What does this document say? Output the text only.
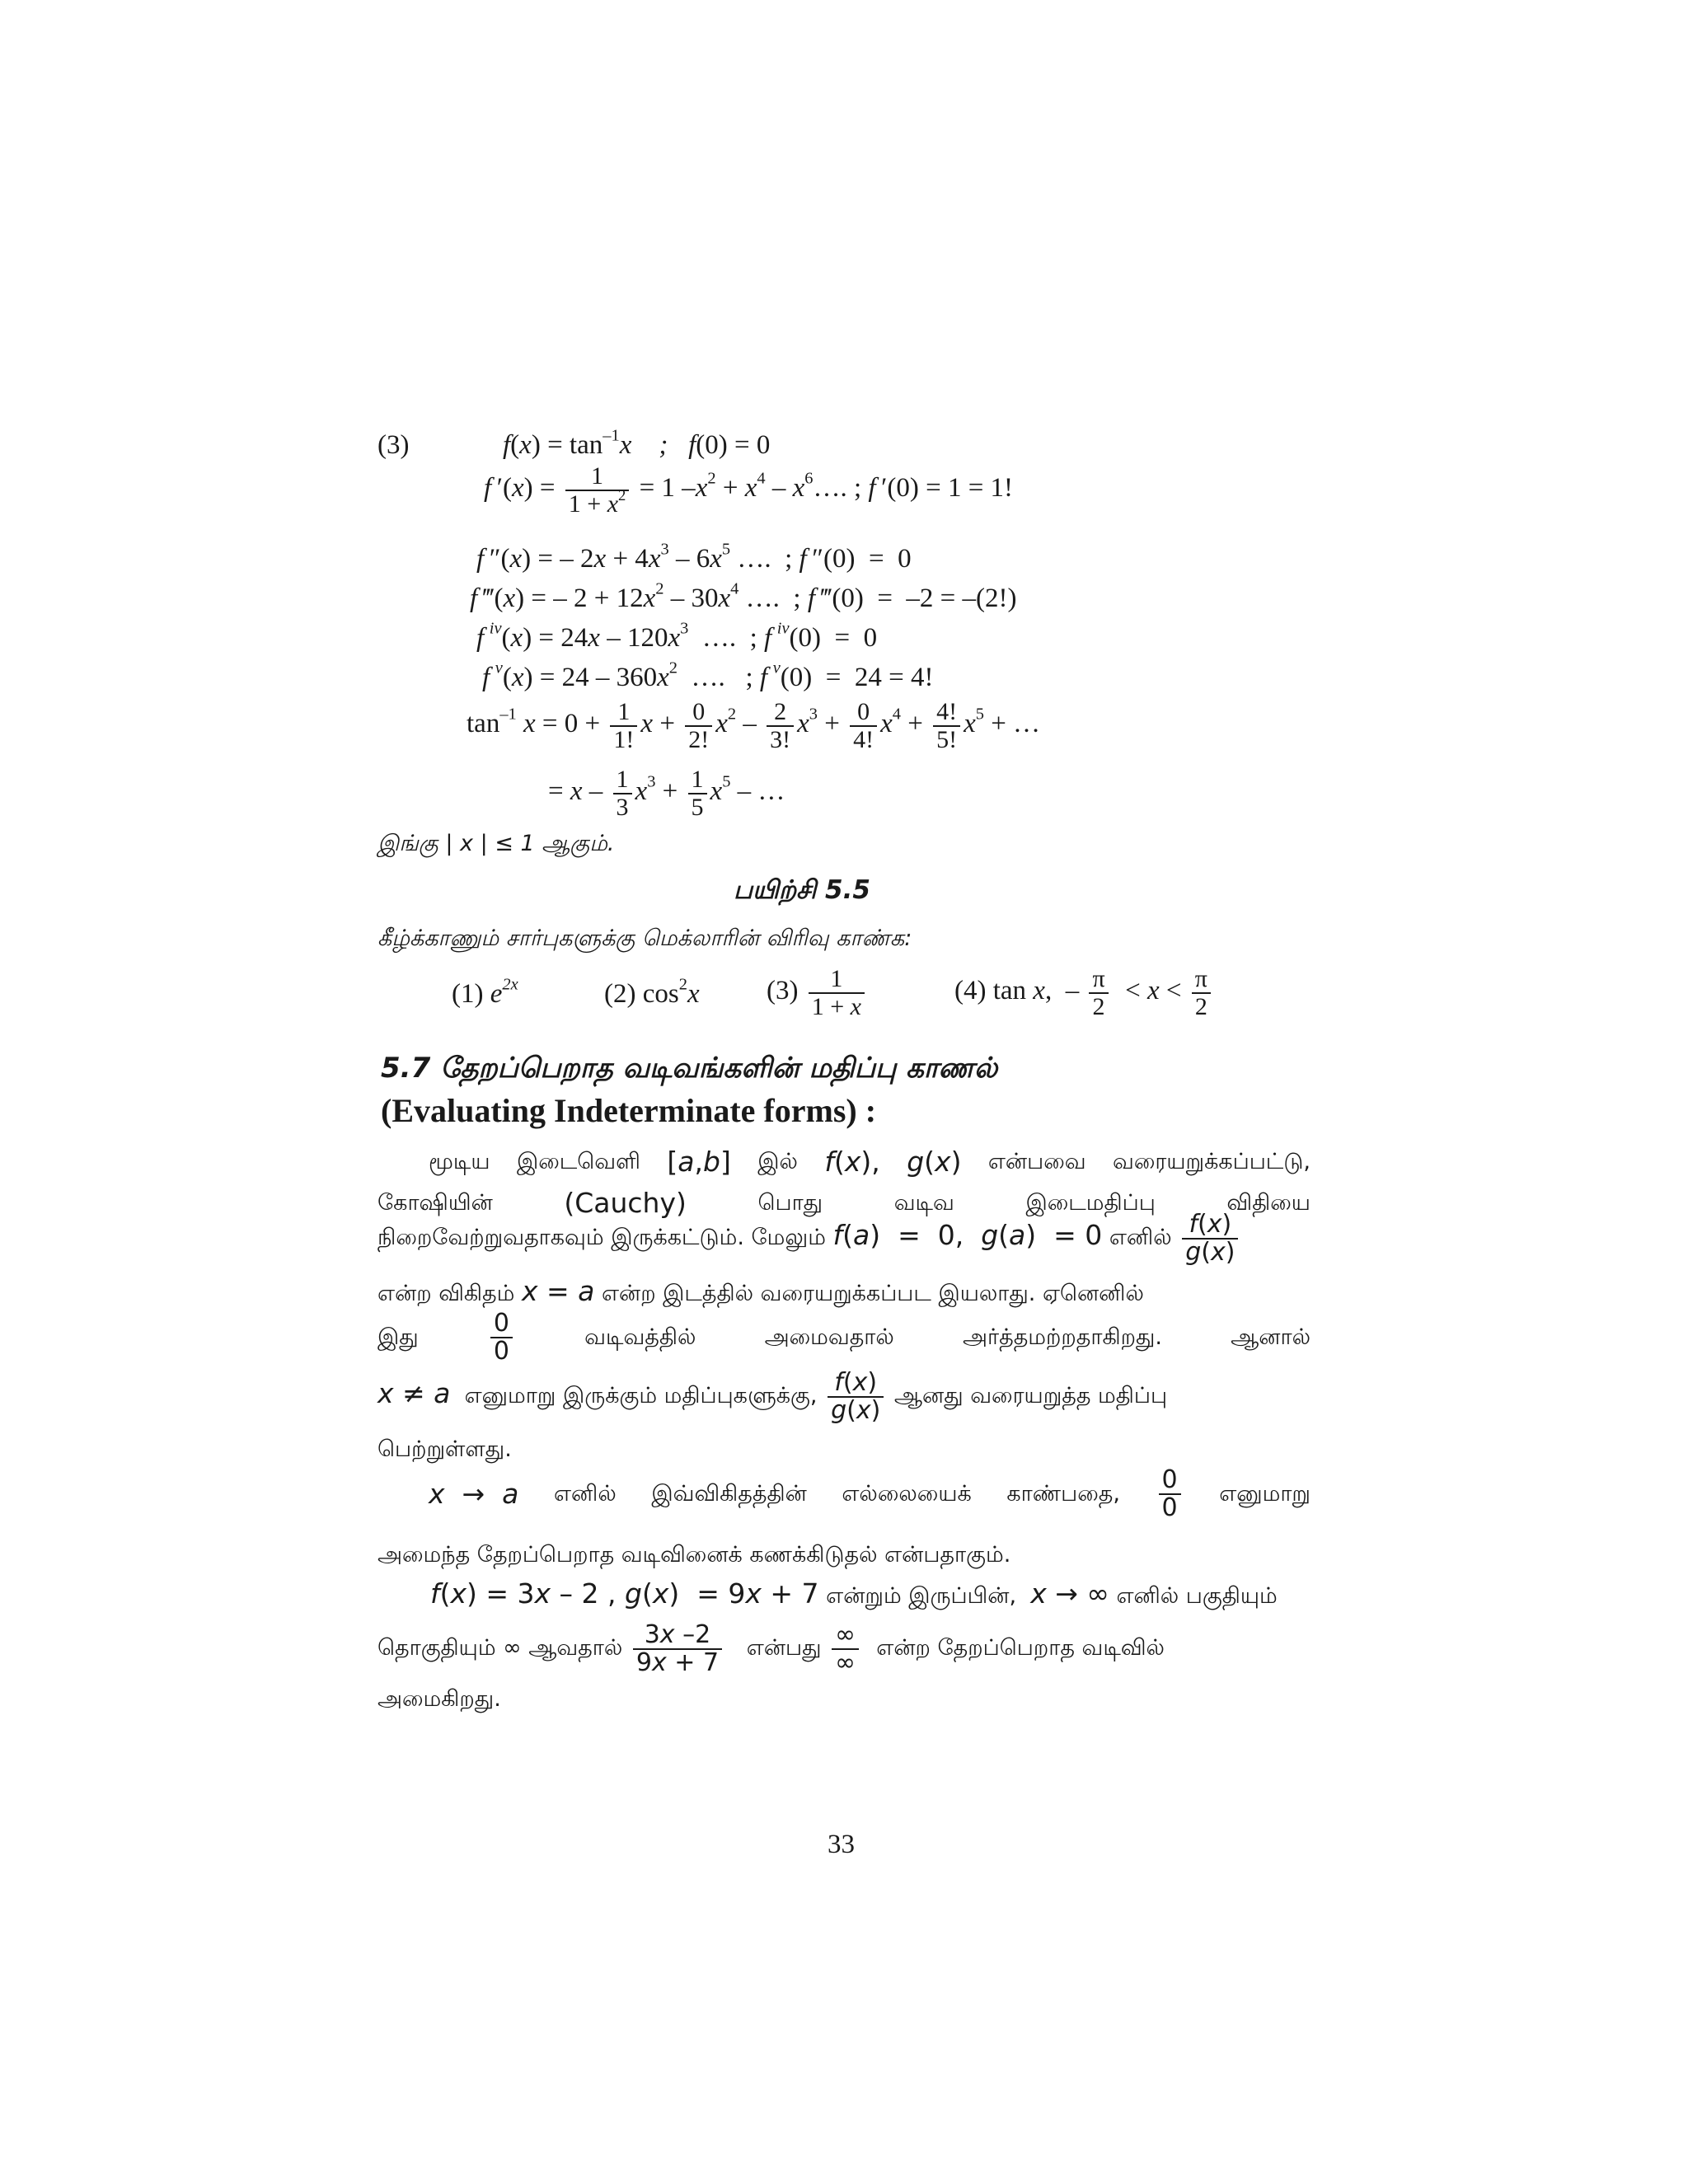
(3)	$f(x) = \tan^{-1}x$ ; f(0) = 0
f $'(x) = \frac{1}{1 + x^2} = 1$ $-x^2 + x^4$ – $x^6\dots$. ; f ′(0) = 1 = 1!
f ″(x) = – $2x + 4x^3 - 6x^5$ ….  ; f ″(0)  =  0
f ‴(x) = – $2 + 12x^2 - 30x^4$ ….  ; f ‴(0)  =  –2 = –(2!)
f  $^{iv}(x) = 24x - 120x^3$  ….  ; f  $^{iv}$(0)  =  0
f  $^v(x) = 24 - 360x^2$  ….   ; f  $^v$(0)  =  24 = 4!
$\tan^{-1} x = 0 + \frac{1}{1!}$ $x + \frac{0}{2!} x^2 - \frac{2}{3!} x^3 + \frac{0}{4!} x^4 + \frac{4!}{5!} x^5$ + …
= $x - \frac{1}{3} x^3 + \frac{1}{5} x^5$ – …
இங்கு | x | ≤ 1 ஆகும்.
பயிற்சி 5.5
கீழ்க்காணும் சார்புகளுக்கு மெக்லாரின் விரிவு காண்க:
(1) $e^{2x}$	(2) $\cos^2x$ $(3) \frac{1}{1 + x}$	(4) tan x,  – $\frac{\pi}{2} < x < \frac{\pi}{2}$
5.7 தேறப்பெறாத வடிவங்களின் மதிப்பு காணல்
(Evaluating Indeterminate forms) :
மூடிய இடைவெளி [a,b] இல் f(x), g(x) என்பவை வரையறுக்கப்பட்டு,
கோஷியின்	(Cauchy)	பொது	வடிவ	இடைமதிப்பு	விதியை
நிறைவேற்றுவதாகவும் இருக்கட்டும். மேலும் f(a)  =  0,  g(a)  = 0 எனில் $\frac{f(x)}{g(x)}$
என்ற விகிதம் x = a என்ற இடத்தில் வரையறுக்கப்பட இயலாது. ஏனெனில்
இது	$\frac{0}{0}$	வடிவத்தில்	அமைவதால்	அர்த்தமற்றதாகிறது.	ஆனால்
x ≠ a  எனுமாறு இருக்கும் மதிப்புகளுக்கு, $\frac{f(x)}{g(x)}$ ஆனது வரையறுத்த மதிப்பு
பெற்றுள்ளது.
x  →  a எனில் இவ்விகிதத்தின் எல்லையைக் காண்பதை, $\frac{0}{0}$ எனுமாறு
அமைந்த தேறப்பெறாத வடிவினைக் கணக்கிடுதல் என்பதாகும்.
f(x) = 3x – 2 , g(x)  = 9x + 7 என்றும் இருப்பின்,  x → ∞ எனில் பகுதியும்
தொகுதியும் ∞ ஆவதால் $\frac{3x -2}{9x + 7}$ என்பது $\frac{\infty}{\infty}$ என்ற தேறப்பெறாத வடிவில்
அமைகிறது.
33
